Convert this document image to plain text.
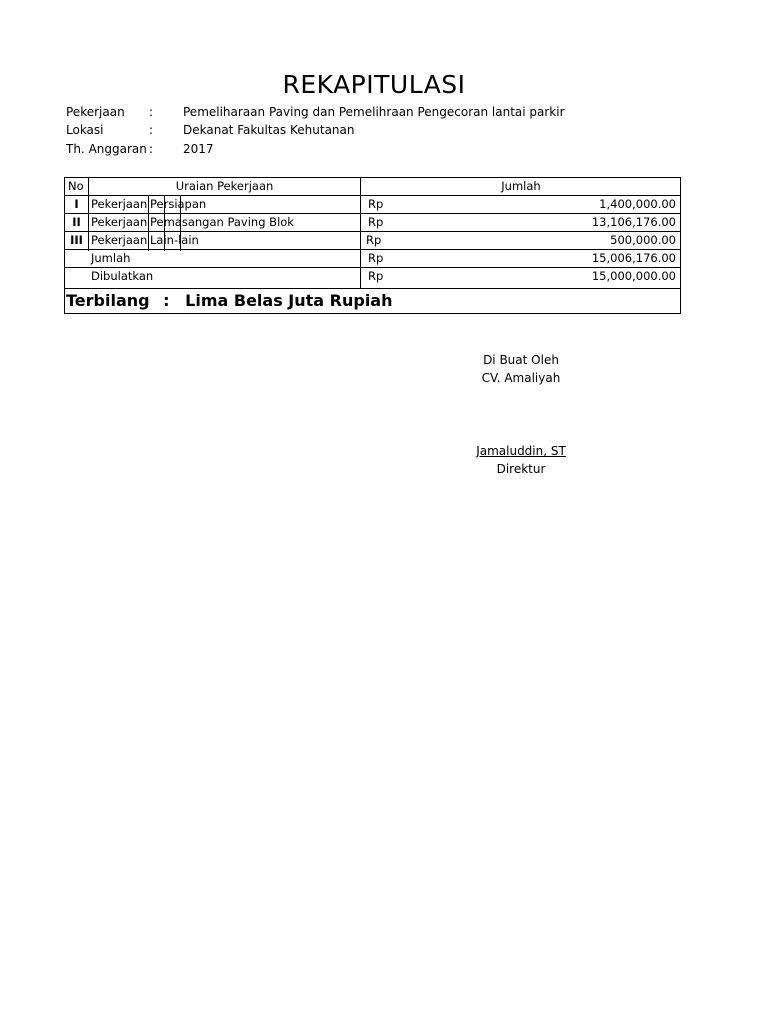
REKAPITULASI
Pekerjaan : Pemeliharaan Paving dan Pemelihraan Pengecoran lantai parkir
Lokasi	: Dekanat Fakultas Kehutanan
Th. Anggaran : 2017
No	Uraian Pekerjaan	Jumlah
I	Pekerjaan Persiapan	Rp	1,400,000.00
II Pekerjaan Pemasangan Paving Blok	Rp	13,106,176.00
III Pekerjaan Lain-lain	Rp	500,000.00
Jumlah	Rp	15,006,176.00
Dibulatkan	Rp	15,000,000.00
Terbilang : Lima Belas Juta Rupiah
Di Buat Oleh
CV. Amaliyah
Jamaluddin, ST
Direktur
